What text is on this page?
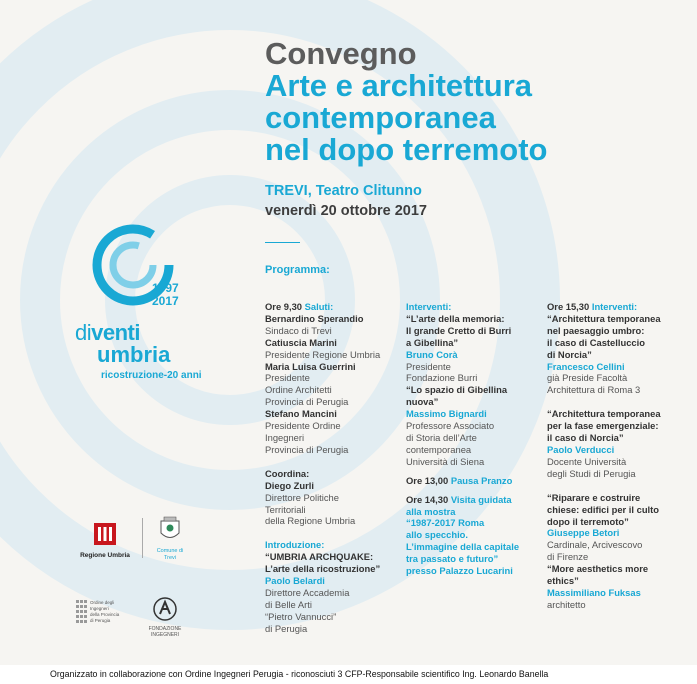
Convegno
Arte e architettura
contemporanea
nel dopo terremoto
TREVI, Teatro Clitunno
venerdì 20 ottobre 2017
Programma:
1997
2017
diventi
umbria
ricostruzione-20 anni
Ore 9,30 Saluti:
Bernardino Sperandio
Sindaco di Trevi
Catiuscia Marini
Presidente Regione Umbria
Maria Luisa Guerrini
Presidente
Ordine Architetti
Provincia di Perugia
Stefano Mancini
Presidente Ordine
Ingegneri
Provincia di Perugia
Coordina:
Diego Zurli
Direttore Politiche
Territoriali
della Regione Umbria
Introduzione:
“UMBRIA ARCHQUAKE:
L’arte della ricostruzione”
Paolo Belardi
Direttore Accademia
di Belle Arti
“Pietro Vannucci”
di Perugia
Interventi:
“L’arte della memoria:
Il grande Cretto di Burri
a Gibellina”
Bruno Corà
Presidente
Fondazione Burri
“Lo spazio di Gibellina
nuova”
Massimo Bignardi
Professore Associato
di Storia dell’Arte
contemporanea
Università di Siena
Ore 13,00 Pausa Pranzo
Ore 14,30 Visita guidata
alla mostra
“1987-2017 Roma
allo specchio.
L’immagine della capitale
tra passato e futuro”
presso Palazzo Lucarini
Ore 15,30 Interventi:
“Architettura temporanea
nel paesaggio umbro:
il caso di Castelluccio
di Norcia”
Francesco Cellini
già Preside Facoltà
Architettura di Roma 3
“Architettura temporanea
per la fase emergenziale:
il caso di Norcia”
Paolo Verducci
Docente Università
degli Studi di Perugia
“Riparare e costruire
chiese: edifici per il culto
dopo il terremoto”
Giuseppe Betori
Cardinale, Arcivescovo
di Firenze
“More aesthetics more
ethics”
Massimiliano Fuksas
architetto
Regione Umbria
Comune di
Trevi
Ordine degli
Ingegneri
della Provincia
di Perugia
FONDAZIONE
INGEGNERI
Organizzato in collaborazione con Ordine Ingegneri Perugia - riconosciuti 3 CFP-Responsabile scientifico Ing. Leonardo Banella
